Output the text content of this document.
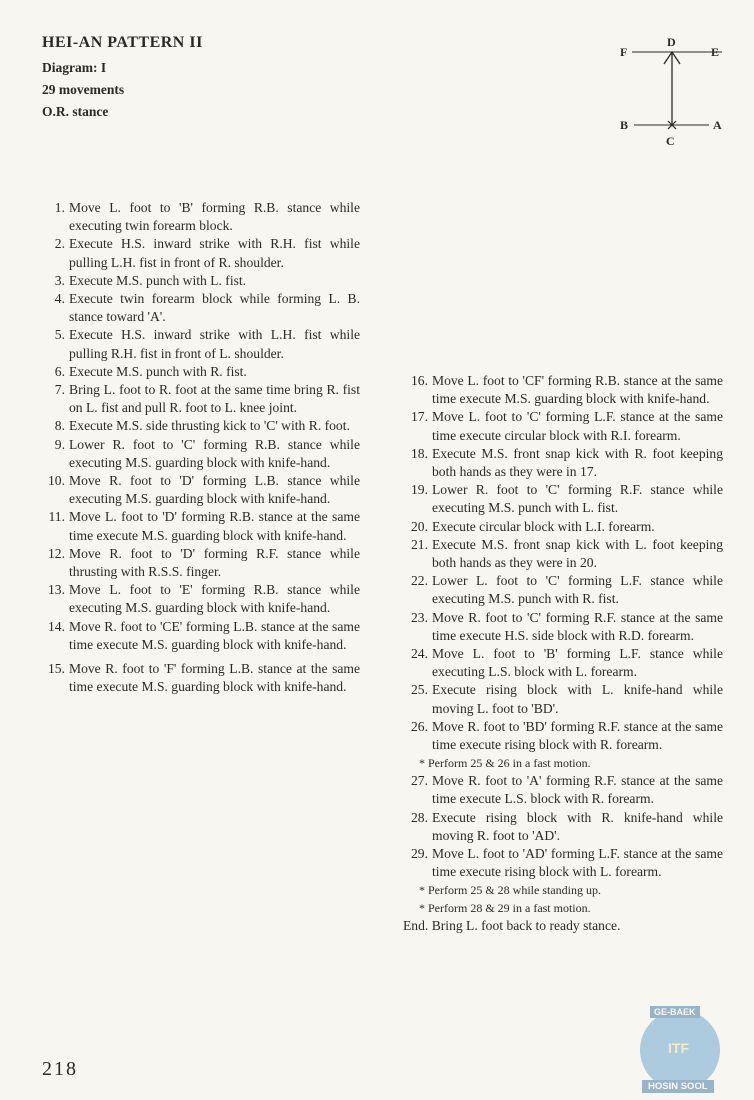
HEI-AN PATTERN II
Diagram: I
29 movements
O.R. stance
F
D
E
B	A
C
1. Move L. foot to 'B' forming R.B. stance while executing twin forearm block.
2. Execute H.S. inward strike with R.H. fist while pulling L.H. fist in front of R. shoulder.
3. Execute M.S. punch with L. fist.
4. Execute twin forearm block while forming L. B. stance toward 'A'.
5. Execute H.S. inward strike with L.H. fist while pulling R.H. fist in front of L. shoulder.
6. Execute M.S. punch with R. fist.
7. Bring L. foot to R. foot at the same time bring R. fist on L. fist and pull R. foot to L. knee joint.
8. Execute M.S. side thrusting kick to 'C' with R. foot.
9. Lower R. foot to 'C' forming R.B. stance while executing M.S. guarding block with knife-hand.
10. Move R. foot to 'D' forming L.B. stance while executing M.S. guarding block with knife-hand.
11. Move L. foot to 'D' forming R.B. stance at the same time execute M.S. guarding block with knife-hand.
12. Move R. foot to 'D' forming R.F. stance while thrusting with R.S.S. finger.
13. Move L. foot to 'E' forming R.B. stance while executing M.S. guarding block with knife-hand.
14. Move R. foot to 'CE' forming L.B. stance at the same time execute M.S. guarding block with knife-hand.
15. Move R. foot to 'F' forming L.B. stance at the same time execute M.S. guarding block with knife-hand.
16. Move L. foot to 'CF' forming R.B. stance at the same time execute M.S. guarding block with knife-hand.
17. Move L. foot to 'C' forming L.F. stance at the same time execute circular block with R.I. forearm.
18. Execute M.S. front snap kick with R. foot keeping both hands as they were in 17.
19. Lower R. foot to 'C' forming R.F. stance while executing M.S. punch with L. fist.
20. Execute circular block with L.I. forearm.
21. Execute M.S. front snap kick with L. foot keeping both hands as they were in 20.
22. Lower L. foot to 'C' forming L.F. stance while executing M.S. punch with R. fist.
23. Move R. foot to 'C' forming R.F. stance at the same time execute H.S. side block with R.D. forearm.
24. Move L. foot to 'B' forming L.F. stance while executing L.S. block with L. forearm.
25. Execute rising block with L. knife-hand while moving L. foot to 'BD'.
26. Move R. foot to 'BD' forming R.F. stance at the same time execute rising block with R. forearm.
* Perform 25 & 26 in a fast motion.
27. Move R. foot to 'A' forming R.F. stance at the same time execute L.S. block with R. forearm.
28. Execute rising block with R. knife-hand while moving R. foot to 'AD'.
29. Move L. foot to 'AD' forming L.F. stance at the same time execute rising block with L. forearm.
* Perform 25 & 28 while standing up.
* Perform 28 & 29 in a fast motion.
End. Bring L. foot back to ready stance.
218
GE-BAEK
ITF
HOSIN SOOL
